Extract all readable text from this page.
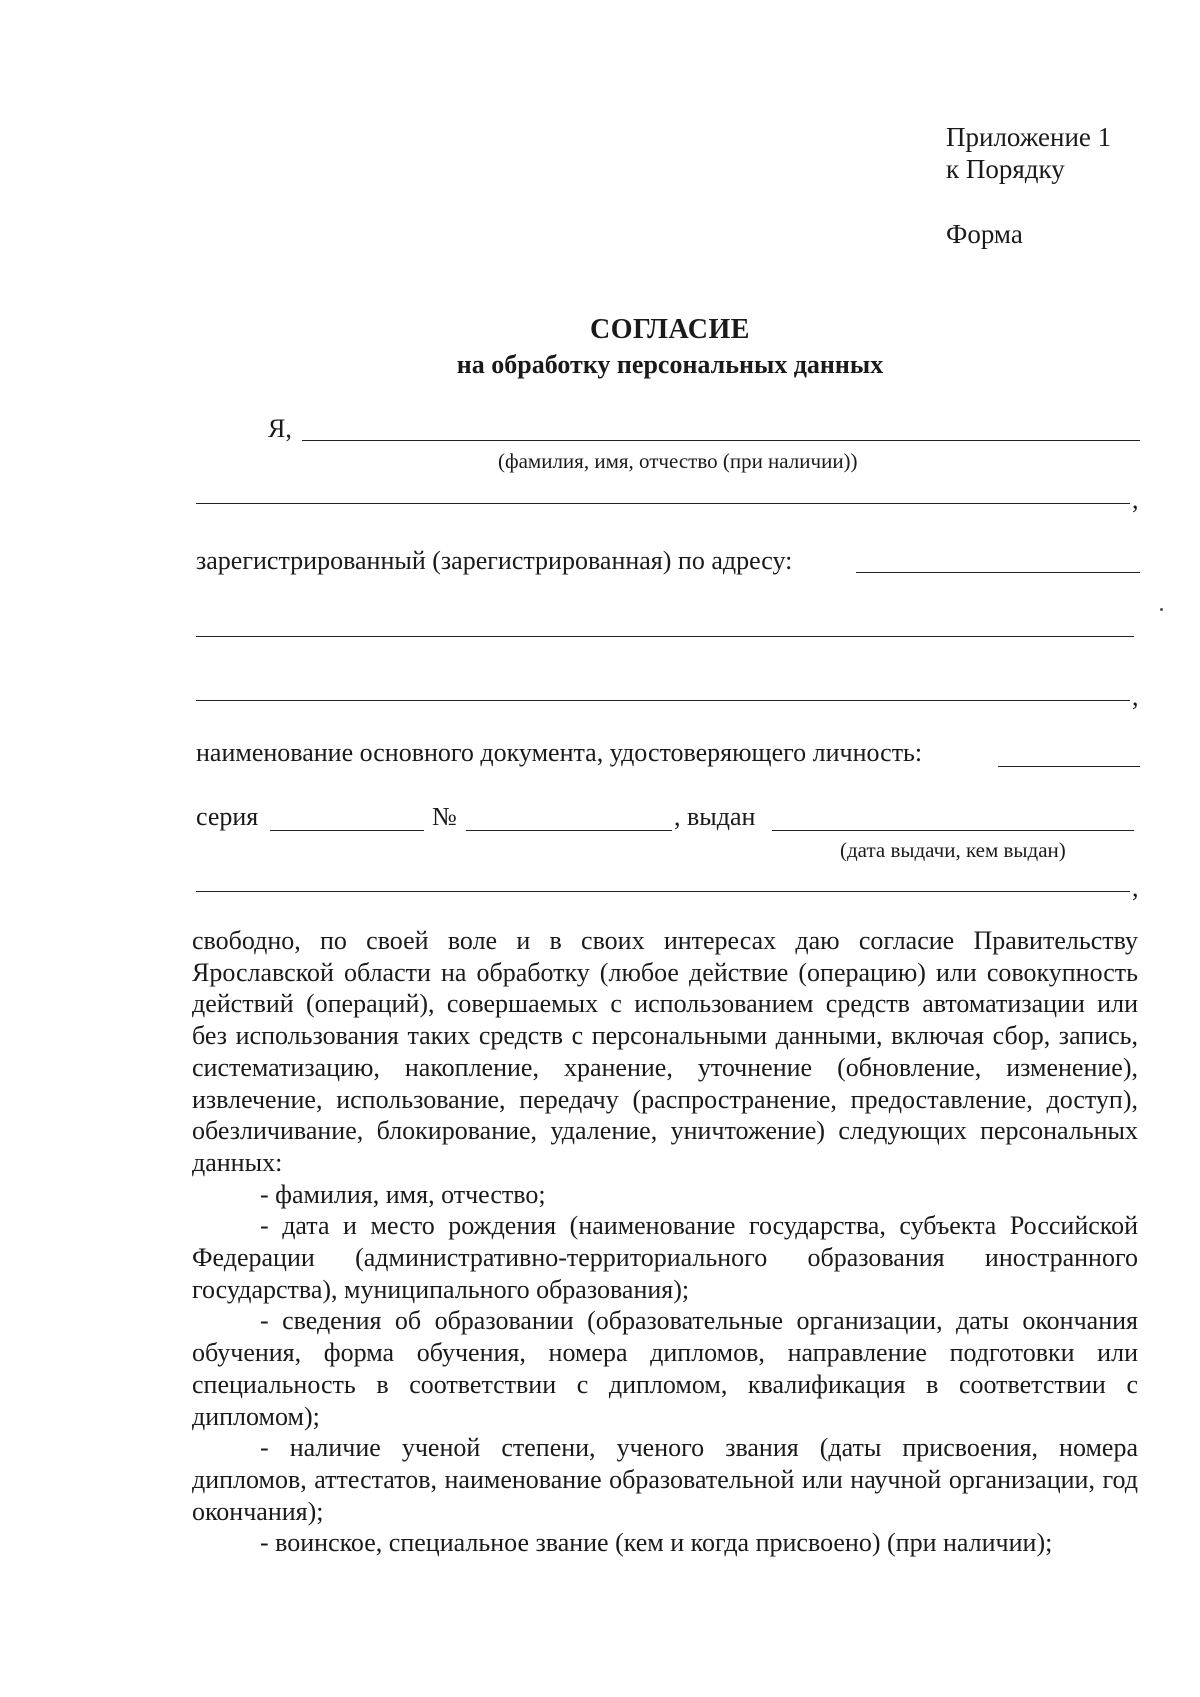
Приложение 1
к Порядку
Форма
СОГЛАСИЕ
на обработку персональных данных
Я,
(фамилия, имя, отчество (при наличии))
,
зарегистрированный (зарегистрированная) по адресу:
,
наименование основного документа, удостоверяющего личность:
серия	№	, выдан
(дата выдачи, кем выдан)
,

свободно, по своей воле и в своих интересах даю согласие Правительству Ярославской области на обработку (любое действие (операцию) или совокупность действий (операций), совершаемых с использованием средств автоматизации или без использования таких средств с персональными данными, включая сбор, запись, систематизацию, накопление, хранение, уточнение (обновление, изменение), извлечение, использование, передачу (распространение, предоставление, доступ), обезличивание, блокирование, удаление, уничтожение) следующих персональных данных:

- фамилия, имя, отчество;

- дата и место рождения (наименование государства, субъекта Российской Федерации (административно-территориального образования иностранного государства), муниципального образования);

- сведения об образовании (образовательные организации, даты окончания обучения, форма обучения, номера дипломов, направление подготовки или специальность в соответствии с дипломом, квалификация в соответствии с дипломом);

- наличие ученой степени, ученого звания (даты присвоения, номера дипломов, аттестатов, наименование образовательной или научной организации, год окончания);

- воинское, специальное звание (кем и когда присвоено) (при наличии);
